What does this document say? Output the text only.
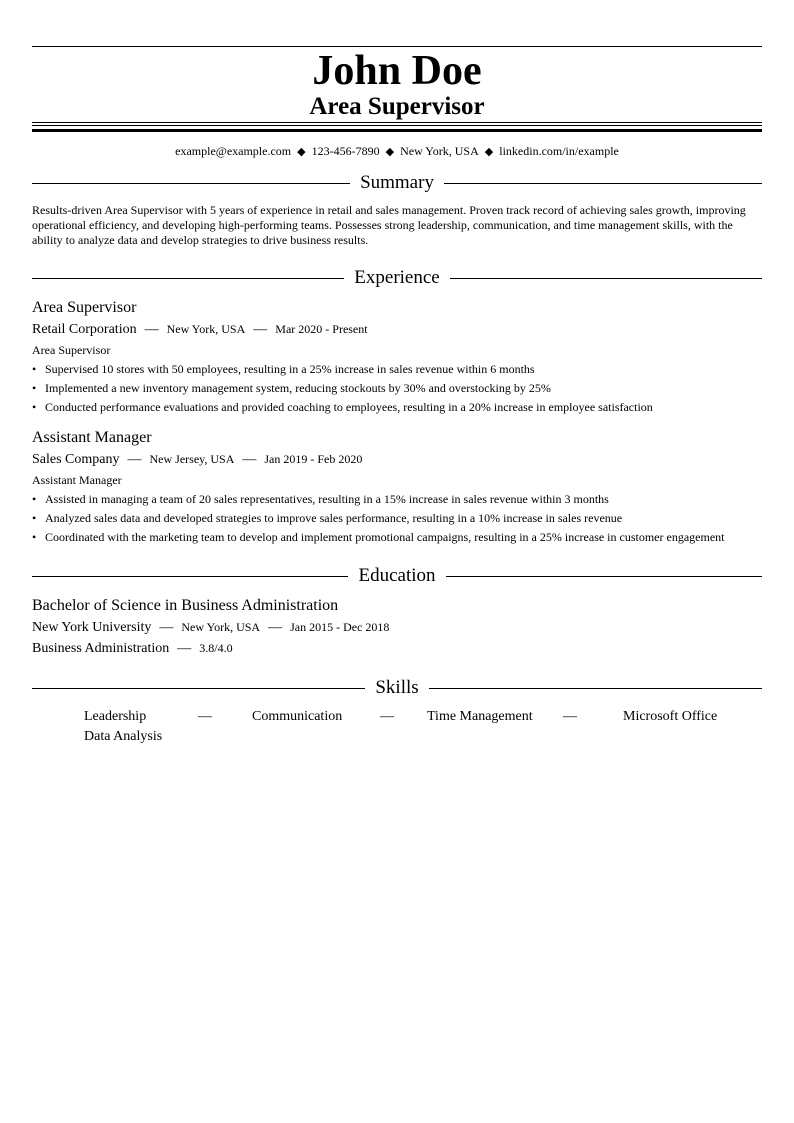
John Doe
Area Supervisor
example@example.com ◆ 123-456-7890 ◆ New York, USA ◆ linkedin.com/in/example
Summary
Results-driven Area Supervisor with 5 years of experience in retail and sales management. Proven track record of achieving sales growth, improving operational efficiency, and developing high-performing teams. Possesses strong leadership, communication, and time management skills, with the ability to analyze data and develop strategies to drive business results.
Experience
Area Supervisor
Retail Corporation — New York, USA — Mar 2020 - Present
Area Supervisor
• Supervised 10 stores with 50 employees, resulting in a 25% increase in sales revenue within 6 months
• Implemented a new inventory management system, reducing stockouts by 30% and overstocking by 25%
• Conducted performance evaluations and provided coaching to employees, resulting in a 20% increase in employee satisfaction
Assistant Manager
Sales Company — New Jersey, USA — Jan 2019 - Feb 2020
Assistant Manager
• Assisted in managing a team of 20 sales representatives, resulting in a 15% increase in sales revenue within 3 months
• Analyzed sales data and developed strategies to improve sales performance, resulting in a 10% increase in sales revenue
• Coordinated with the marketing team to develop and implement promotional campaigns, resulting in a 25% increase in customer engagement
Education
Bachelor of Science in Business Administration
New York University — New York, USA — Jan 2015 - Dec 2018
Business Administration — 3.8/4.0
Skills
Leadership	—	Communication	— Time Management —	Microsoft Office
Data Analysis
